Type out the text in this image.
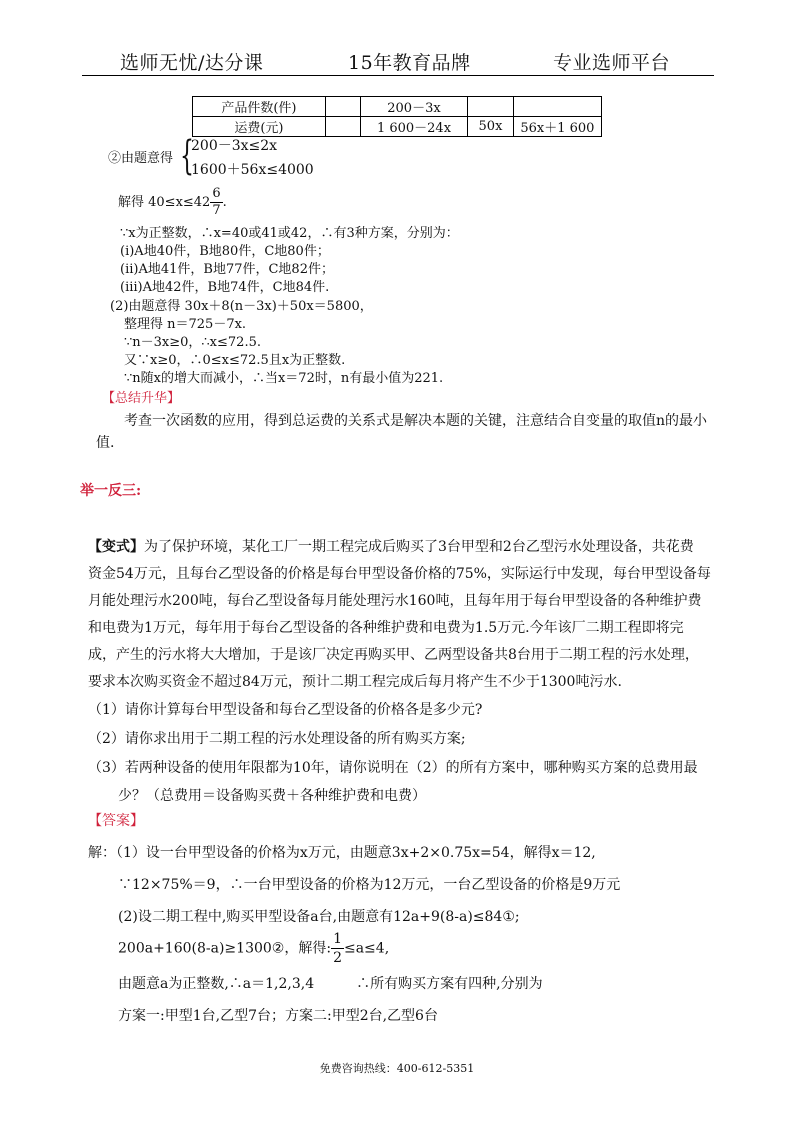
选师无忧/达分课	15年教育品牌	专业选师平台
产品件数(件)		200－3x		
运费(元)		1 600－24x	50x	56x＋1 600
②由题意得 {
200－3x≤2x
1600＋56x≤4000
解得 $40\le x\le 42 \frac{6}{7}$ .
∵x为正整数，∴x=40或41或42，∴有3种方案，分别为：
(ⅰ)A地40件，B地80件，C地80件；
(ⅱ)A地41件，B地77件，C地82件；
(ⅲ)A地42件，B地74件，C地84件.
(2)由题意得 30x＋8(n－3x)＋50x＝5800，
整理得 n＝725－7x.
∵n－3x≥0，∴x≤72.5.
又∵x≥0，∴0≤x≤72.5且x为正整数.
∵n随x的增大而减小，∴当x＝72时，n有最小值为221.
【总结升华】
考查一次函数的应用，得到总运费的关系式是解决本题的关键，注意结合自变量的取值n的最小
值.
举一反三:
【变式】为了保护环境，某化工厂一期工程完成后购买了3台甲型和2台乙型污水处理设备，共花费
资金54万元，且每台乙型设备的价格是每台甲型设备价格的75%，实际运行中发现，每台甲型设备每
月能处理污水200吨，每台乙型设备每月能处理污水160吨，且每年用于每台甲型设备的各种维护费
和电费为1万元，每年用于每台乙型设备的各种维护费和电费为1.5万元.今年该厂二期工程即将完
成，产生的污水将大大增加，于是该厂决定再购买甲、乙两型设备共8台用于二期工程的污水处理，
要求本次购买资金不超过84万元，预计二期工程完成后每月将产生不少于1300吨污水.
（1）请你计算每台甲型设备和每台乙型设备的价格各是多少元?
（2）请你求出用于二期工程的污水处理设备的所有购买方案;
（3）若两种设备的使用年限都为10年，请你说明在（2）的所有方案中，哪种购买方案的总费用最
少？（总费用＝设备购买费＋各种维护费和电费）
【答案】
解：（1）设一台甲型设备的价格为x万元，由题意3x+2×0.75x=54，解得x＝12,
∵12×75%＝9，∴一台甲型设备的价格为12万元，一台乙型设备的价格是9万元
(2)设二期工程中,购买甲型设备a台,由题意有12a+9(8-a)≤84①;
200a+160(8-a)≥1300②，解得: $\frac{1}{2} \le a\le 4$,
由题意a为正整数,∴a＝1,2,3,4　　　∴所有购买方案有四种,分别为
方案一:甲型1台,乙型7台；方案二:甲型2台,乙型6台
免费咨询热线：400-612-5351
